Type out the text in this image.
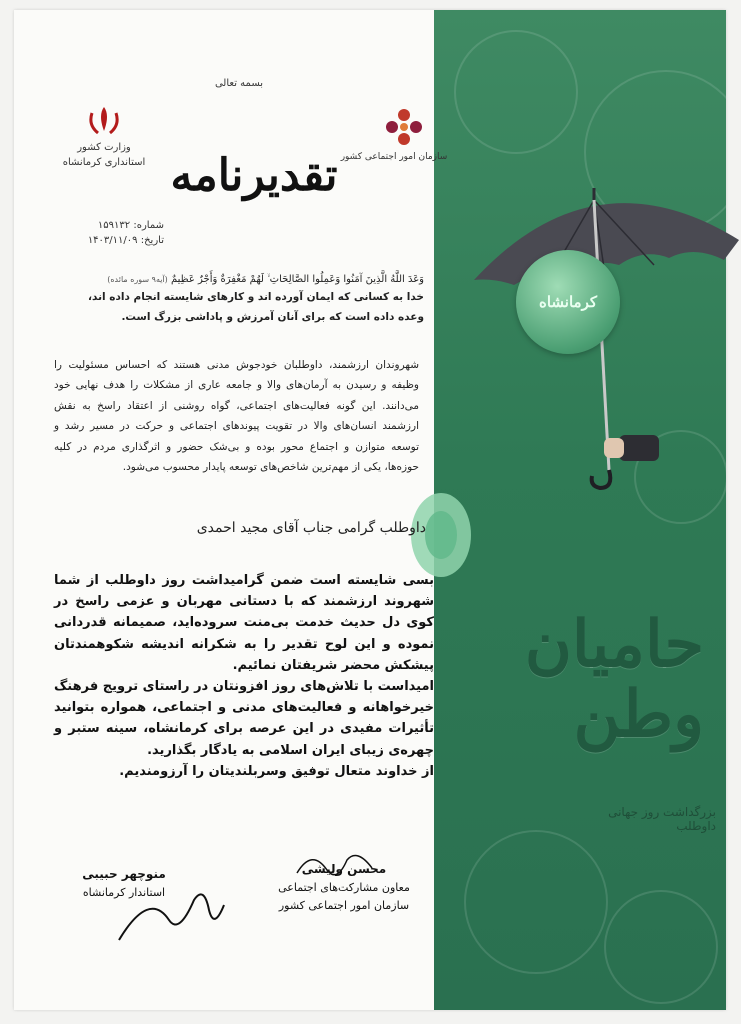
کرمانشاه
حامیان وطن
بزرگداشت روز جهانی داوطلب
بسمه تعالی
وزارت کشور
استانداری کرمانشاه	سازمان امور اجتماعی کشور
تقدیرنامه
شماره: ۱۵۹۱۳۲
تاریخ: ۱۴۰۳/۱۱/۰۹
وَعَدَ اللَّهُ الَّذِينَ آمَنُوا وَعَمِلُوا الصَّالِحَاتِ ۙ لَهُمْ مَغْفِرَةٌ وَأَجْرٌ عَظِيمٌ (آیه۹ سوره مائده)
خدا به کسانی که ایمان آورده اند و کارهای شایسته انجام داده اند، وعده داده است که برای آنان آمرزش و پاداشی بزرگ است.
شهروندان ارزشمند، داوطلبان خودجوش مدنی هستند که احساس مسئولیت را وظیفه و رسیدن به آرمان‌های والا و جامعه عاری از مشکلات را هدف نهایی خود می‌دانند. این گونه فعالیت‌های اجتماعی، گواه روشنی از اعتقاد راسخ به نقش ارزشمند انسان‌های والا در تقویت پیوندهای اجتماعی و حرکت در مسیر رشد و توسعه متوازن و اجتماع محور بوده و بی‌شک حضور و اثرگذاری مردم در کلیه حوزه‌ها، یکی از مهم‌ترین شاخص‌های توسعه پایدار محسوب می‌شود.
داوطلب گرامی جناب آقای مجید احمدی

بسی شایسته است ضمن گرامیداشت روز داوطلب از شما شهروند ارزشمند که با دستانی مهربان و عزمی راسخ در کوی دل حدیث خدمت بی‌منت سروده‌اید، صمیمانه قدردانی نموده و این لوح تقدیر را به شکرانه اندیشه شکوهمندتان پیشکش محضر شریفتان نمائیم.

امیداست با تلاش‌های روز افزونتان در راستای ترویج فرهنگ خیرخواهانه و فعالیت‌های مدنی و اجتماعی، همواره بتوانید تأثیرات مفیدی در این عرصه برای کرمانشاه، سینه ستبر و چهره‌ی زیبای ایران اسلامی به یادگار بگذارید.

از خداوند متعال توفیق وسربلندیتان را آرزومندیم.

منوچهر حبیبی
استاندار کرمانشاه
محسن ولیشی
معاون مشارکت‌های اجتماعی
سازمان امور اجتماعی کشور
